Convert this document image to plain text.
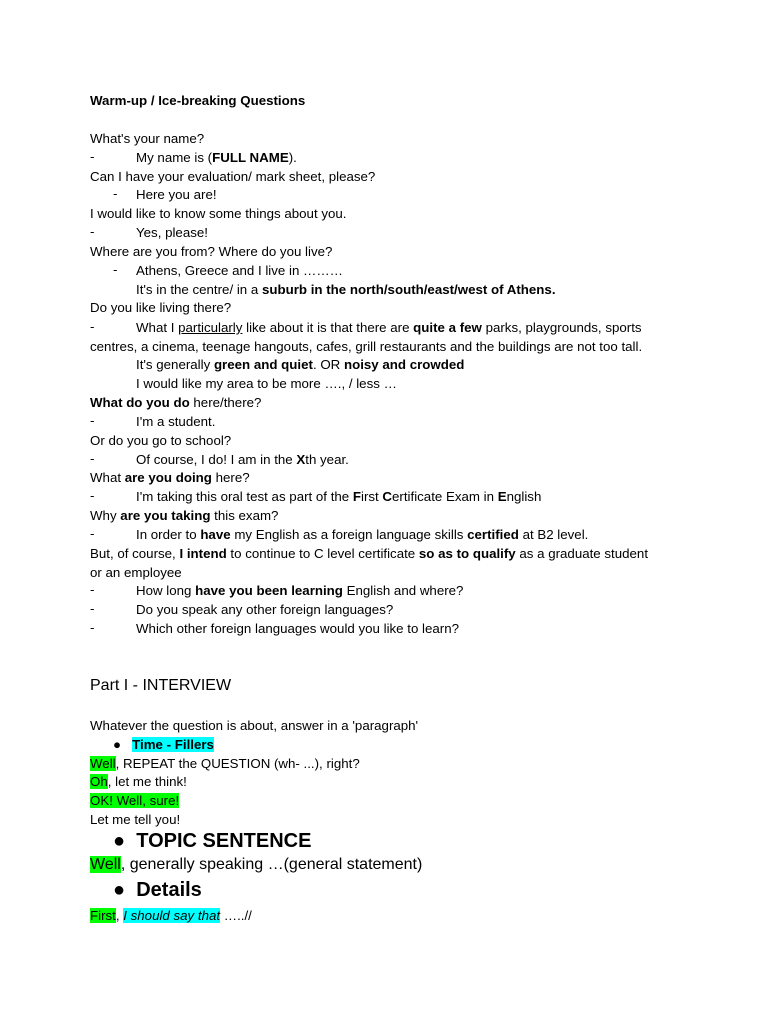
Warm-up / Ice-breaking Questions
What's your name?
-	My name is (FULL NAME).
Can I have your evaluation/ mark sheet, please?
- Here you are!
I would like to know some things about you.
-	Yes, please!
Where are you from? Where do you live?
- Athens, Greece and I live in ………
It's in the centre/ in a suburb in the north/south/east/west of Athens.
Do you like living there?
-	What I particularly like about it is that there are quite a few parks, playgrounds, sports
centres, a cinema, teenage hangouts, cafes, grill restaurants and the buildings are not too tall.
It's generally green and quiet. OR noisy and crowded
I would like my area to be more …., / less …
What do you do here/there?
-	I'm a student.
Or do you go to school?
-	Of course, I do! I am in the Xth year.
What are you doing here?
-	I'm taking this oral test as part of the First Certificate Exam in English
Why are you taking this exam?
-	In order to have my English as a foreign language skills certified at B2 level.
But, of course, I intend to continue to C level certificate so as to qualify as a graduate student
or an employee
-	How long have you been learning English and where?
-	Do you speak any other foreign languages?
-	Which other foreign languages would you like to learn?
Part I - INTERVIEW
Whatever the question is about, answer in a 'paragraph'
● Time - Fillers
Well, REPEAT the QUESTION (wh- ...), right?
Oh, let me think!
OK! Well, sure!
Let me tell you!
● TOPIC SENTENCE
Well, generally speaking …(general statement)
● Details
First, I should say that …..//
